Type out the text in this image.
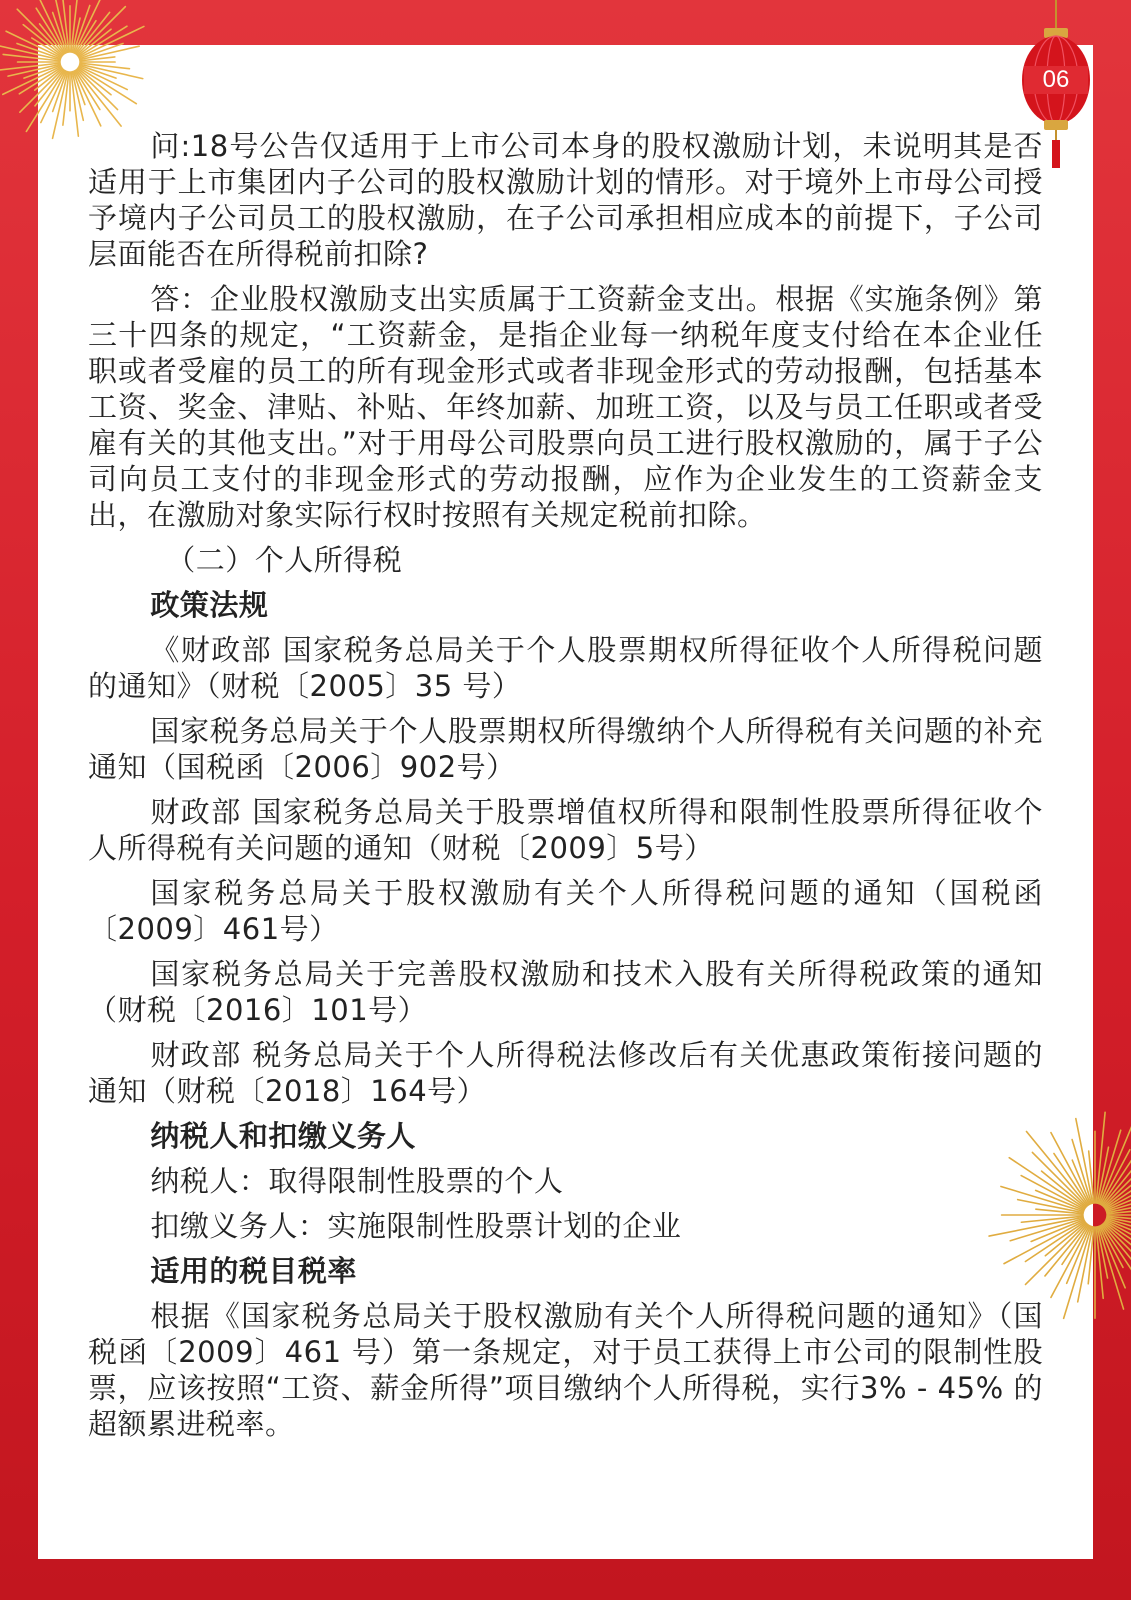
06

问:18号公告仅适用于上市公司本身的股权激励计划，未说明其是否适用于上市集团内子公司的股权激励计划的情形。对于境外上市母公司授予境内子公司员工的股权激励，在子公司承担相应成本的前提下，子公司层面能否在所得税前扣除?

答：企业股权激励支出实质属于工资薪金支出。根据《实施条例》第三十四条的规定，“工资薪金，是指企业每一纳税年度支付给在本企业任职或者受雇的员工的所有现金形式或者非现金形式的劳动报酬，包括基本工资、奖金、津贴、补贴、年终加薪、加班工资，以及与员工任职或者受雇有关的其他支出。”对于用母公司股票向员工进行股权激励的，属于子公司向员工支付的非现金形式的劳动报酬，应作为企业发生的工资薪金支出，在激励对象实际行权时按照有关规定税前扣除。

（二）个人所得税

政策法规

《财政部 国家税务总局关于个人股票期权所得征收个人所得税问题的通知》（财税〔2005〕35 号）

国家税务总局关于个人股票期权所得缴纳个人所得税有关问题的补充通知（国税函〔2006〕902号）

财政部 国家税务总局关于股票增值权所得和限制性股票所得征收个人所得税有关问题的通知（财税〔2009〕5号）

国家税务总局关于股权激励有关个人所得税问题的通知（国税函〔2009〕461号）

国家税务总局关于完善股权激励和技术入股有关所得税政策的通知（财税〔2016〕101号）

财政部 税务总局关于个人所得税法修改后有关优惠政策衔接问题的通知（财税〔2018〕164号）

纳税人和扣缴义务人

纳税人：取得限制性股票的个人

扣缴义务人：实施限制性股票计划的企业

适用的税目税率

根据《国家税务总局关于股权激励有关个人所得税问题的通知》（国税函〔2009〕461 号）第一条规定，对于员工获得上市公司的限制性股票，应该按照“工资、薪金所得”项目缴纳个人所得税，实行3% - 45% 的超额累进税率。
